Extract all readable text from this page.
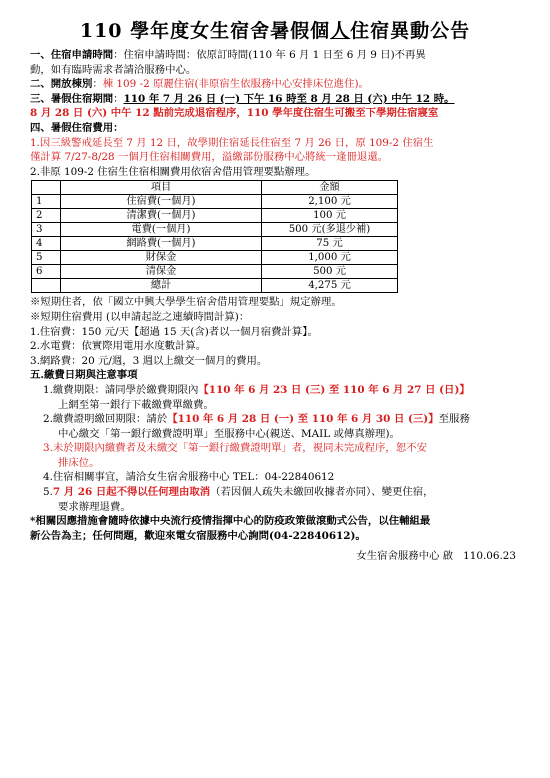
110 學年度女生宿舍暑假個人住宿異動公告
一、住宿申請時間：住宿申請時間：依原訂時間(110 年 6 月 1 日至 6 月 9 日)不再異
動，如有臨時需求者請洽服務中心。
二、開放棟別：棟 109 -2 原麗住宿(非原宿生依服務中心安排床位進住)。
三、暑假住宿期間：110 年 7 月 26 日 (一) 下午 16 時至 8 月 28 日 (六) 中午 12 時。
8 月 28 日 (六) 中午 12 點前完成退宿程序，110 學年度住宿生可搬至下學期住宿寢室
四、暑假住宿費用：
1.因三級警戒延長至 7 月 12 日，故學期住宿延長住宿至 7 月 26 日，原 109-2 住宿生
僅計算 7/27-8/28 一個月住宿相關費用，溢繳部份服務中心將統一逢冊退還。
2.非原 109-2 住宿生住宿相關費用依宿舍借用管理要點辦理。
	項目	金額
1	住宿費(一個月)	2,100 元
2	清潔費(一個月)	100 元
3	電費(一個月)	500 元(多退少補)
4	網路費(一個月)	75 元
5	財保金	1,000 元
6	清保金	500 元
	總計	4,275 元
※短期住者，依「國立中興大學學生宿舍借用管理要點」規定辦理。
※短期住宿費用 (以申請起訖之連續時間計算)：
1.住宿費：150 元/天【超過 15 天(含)者以一個月宿費計算】。
2.水電費：依實際用電用水度數計算。
3.網路費：20 元/週，3 週以上繳交一個月的費用。
五.繳費日期與注意事項
1.繳費期限：請同學於繳費期限內【110 年 6 月 23 日 (三) 至 110 年 6 月 27 日 (日)】
上網至第一銀行下載繳費單繳費。
2.繳費證明繳回期限：請於【110 年 6 月 28 日 (一) 至 110 年 6 月 30 日 (三)】至服務
中心繳交「第一銀行繳費證明單」至服務中心(親送、MAIL 或傳真辦理)。
3.未於期限內繳費者及未繳交「第一銀行繳費證明單」者，視同未完成程序，恕不安
排床位。
4.住宿相關事宜，請洽女生宿舍服務中心 TEL：04-22840612
5.7 月 26 日起不得以任何理由取消（若因個人疏失未繳回收據者亦同）、變更住宿，
要求辦理退費。
*相關因應措施會隨時依據中央流行疫情指揮中心的防疫政策做滾動式公告，以住輔組最
新公告為主；任何問題，歡迎來電女宿服務中心詢問(04-22840612)。
女生宿舍服務中心 啟 110.06.23
